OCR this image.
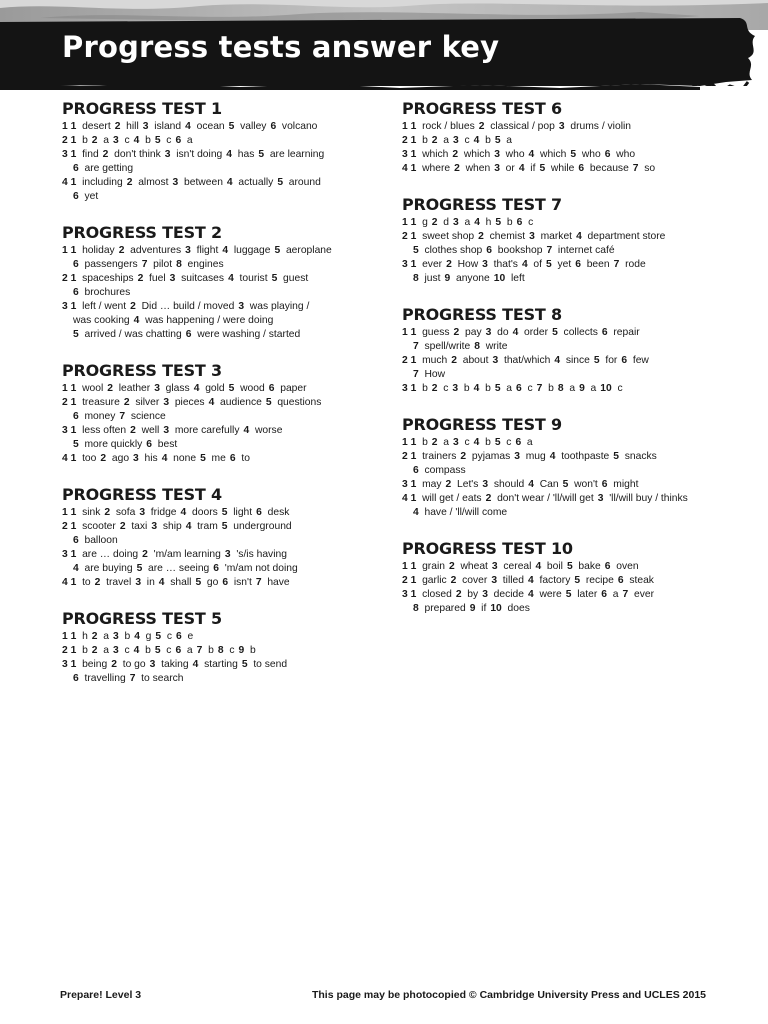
Progress tests answer key
PROGRESS TEST 1
1 1 desert 2 hill 3 island 4 ocean 5 valley 6 volcano
2 1 b 2 a 3 c 4 b 5 c 6 a
3 1 find 2 don't think 3 isn't doing 4 has 5 are learning
6 are getting
4 1 including 2 almost 3 between 4 actually 5 around
6 yet
PROGRESS TEST 2
1 1 holiday 2 adventures 3 flight 4 luggage 5 aeroplane
6 passengers 7 pilot 8 engines
2 1 spaceships 2 fuel 3 suitcases 4 tourist 5 guest
6 brochures
3 1 left / went 2 Did … build / moved 3 was playing /
was cooking 4 was happening / were doing
5 arrived / was chatting 6 were washing / started
PROGRESS TEST 3
1 1 wool 2 leather 3 glass 4 gold 5 wood 6 paper
2 1 treasure 2 silver 3 pieces 4 audience 5 questions
6 money 7 science
3 1 less often 2 well 3 more carefully 4 worse
5 more quickly 6 best
4 1 too 2 ago 3 his 4 none 5 me 6 to
PROGRESS TEST 4
1 1 sink 2 sofa 3 fridge 4 doors 5 light 6 desk
2 1 scooter 2 taxi 3 ship 4 tram 5 underground
6 balloon
3 1 are … doing 2 'm/am learning 3 's/is having
4 are buying 5 are … seeing 6 'm/am not doing
4 1 to 2 travel 3 in 4 shall 5 go 6 isn't 7 have
PROGRESS TEST 5
1 1 h 2 a 3 b 4 g 5 c 6 e
2 1 b 2 a 3 c 4 b 5 c 6 a 7 b 8 c 9 b
3 1 being 2 to go 3 taking 4 starting 5 to send
6 travelling 7 to search
PROGRESS TEST 6
1 1 rock / blues 2 classical / pop 3 drums / violin
2 1 b 2 a 3 c 4 b 5 a
3 1 which 2 which 3 who 4 which 5 who 6 who
4 1 where 2 when 3 or 4 if 5 while 6 because 7 so
PROGRESS TEST 7
1 1 g 2 d 3 a 4 h 5 b 6 c
2 1 sweet shop 2 chemist 3 market 4 department store
5 clothes shop 6 bookshop 7 internet café
3 1 ever 2 How 3 that's 4 of 5 yet 6 been 7 rode
8 just 9 anyone 10 left
PROGRESS TEST 8
1 1 guess 2 pay 3 do 4 order 5 collects 6 repair
7 spell/write 8 write
2 1 much 2 about 3 that/which 4 since 5 for 6 few
7 How
3 1 b 2 c 3 b 4 b 5 a 6 c 7 b 8 a 9 a 10 c
PROGRESS TEST 9
1 1 b 2 a 3 c 4 b 5 c 6 a
2 1 trainers 2 pyjamas 3 mug 4 toothpaste 5 snacks
6 compass
3 1 may 2 Let's 3 should 4 Can 5 won't 6 might
4 1 will get / eats 2 don't wear / 'll/will get 3 'll/will buy / thinks
4 have / 'll/will come
PROGRESS TEST 10
1 1 grain 2 wheat 3 cereal 4 boil 5 bake 6 oven
2 1 garlic 2 cover 3 tilled 4 factory 5 recipe 6 steak
3 1 closed 2 by 3 decide 4 were 5 later 6 a 7 ever
8 prepared 9 if 10 does
Prepare! Level 3	This page may be photocopied © Cambridge University Press and UCLES 2015
